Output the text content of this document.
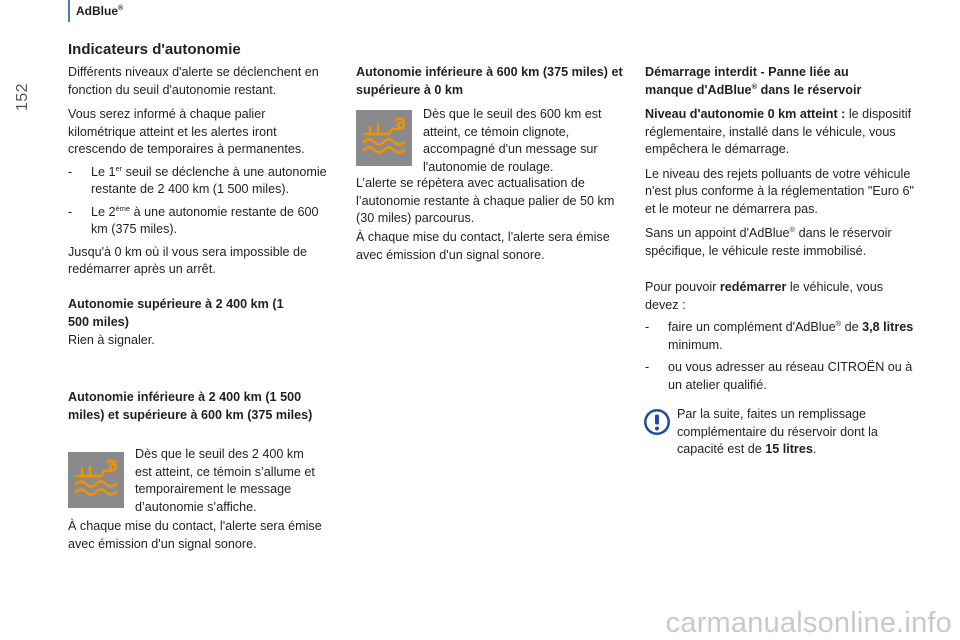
AdBlue®
152
Indicateurs d'autonomie

Différents niveaux d'alerte se déclenchent en fonction du seuil d'autonomie restant.

Vous serez informé à chaque palier kilométrique atteint et les alertes iront crescendo de temporaires à permanentes.

- Le 1er seuil se déclenche à une autonomie restante de 2 400 km (1 500 miles).
- Le 2ème à une autonomie restante de 600 km (375 miles).

Jusqu'à 0 km où il vous sera impossible de redémarrer après un arrêt.

Autonomie supérieure à 2 400 km (1 500 miles)
Rien à signaler.
Autonomie inférieure à 2 400 km (1 500 miles) et supérieure à 600 km (375 miles)
Dès que le seuil des 2 400 km est atteint, ce témoin s’allume et temporairement le message d’autonomie s’affiche.
À chaque mise du contact, l'alerte sera émise avec émission d'un signal sonore.
Autonomie inférieure à 600 km (375 miles) et supérieure à 0 km
Dès que le seuil des 600 km est atteint, ce témoin clignote, accompagné d'un message sur l'autonomie de roulage.
L’alerte se répètera avec actualisation de l’autonomie restante à chaque palier de 50 km (30 miles) parcourus.
À chaque mise du contact, l'alerte sera émise avec émission d'un signal sonore.
Démarrage interdit - Panne liée au manque d'AdBlue® dans le réservoir

Niveau d'autonomie 0 km atteint : le dispositif réglementaire, installé dans le véhicule, vous empêchera le démarrage.

Le niveau des rejets polluants de votre véhicule n'est plus conforme à la réglementation "Euro 6" et le moteur ne démarrera pas.

Sans un appoint d'AdBlue® dans le réservoir spécifique, le véhicule reste immobilisé.

Pour pouvoir redémarrer le véhicule, vous devez :

- faire un complément d'AdBlue® de 3,8 litres minimum.
- ou vous adresser au réseau CITROËN ou à un atelier qualifié.
Par la suite, faites un remplissage complémentaire du réservoir dont la capacité est de 15 litres.
carmanualsonline.info
